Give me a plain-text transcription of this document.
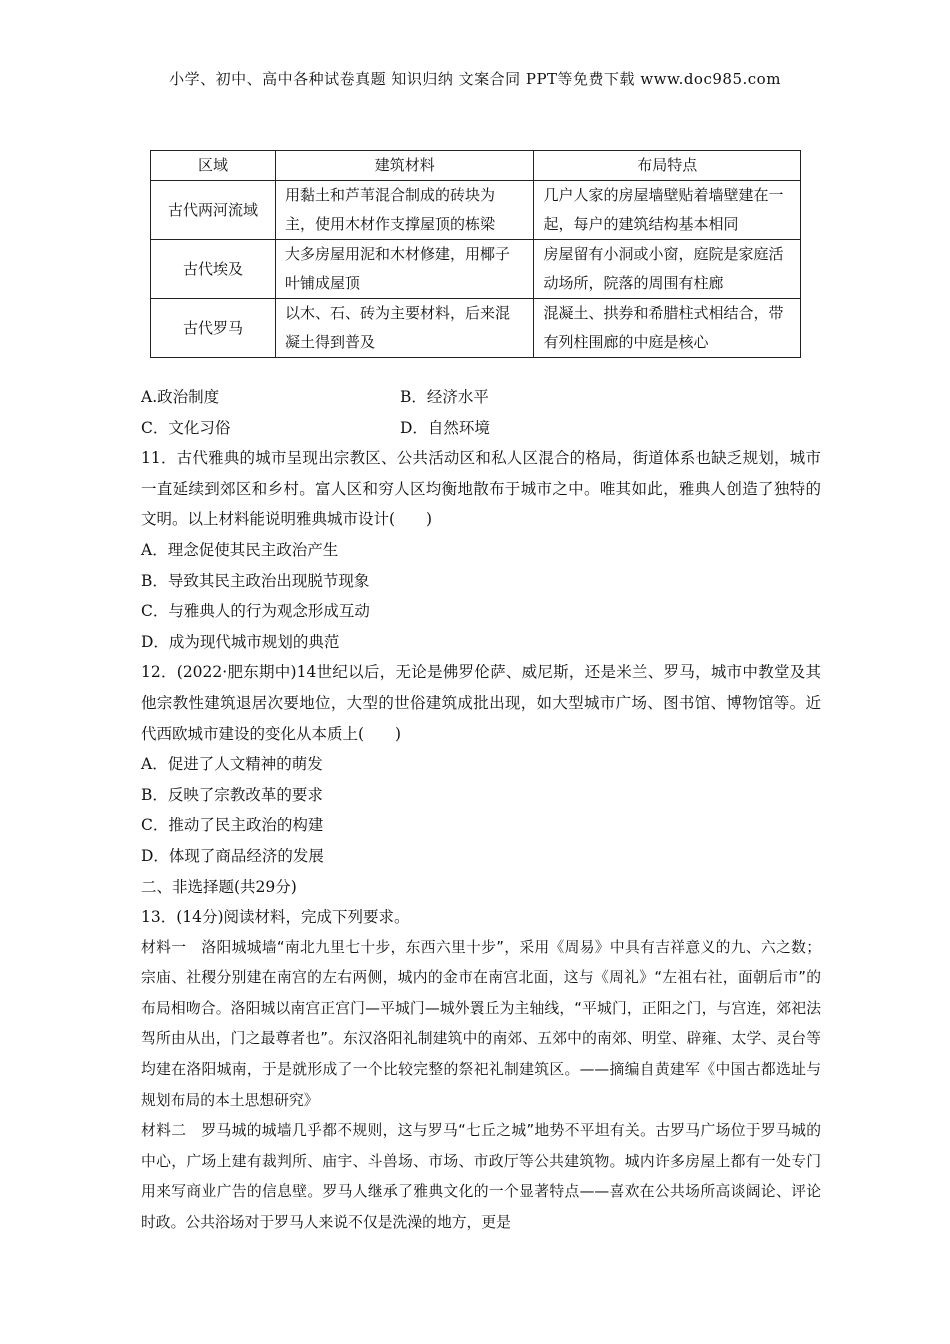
小学、初中、高中各种试卷真题 知识归纳 文案合同 PPT等免费下载 www.doc985.com
区域	建筑材料	布局特点
古代两河流域	用黏土和芦苇混合制成的砖块为主，使用木材作支撑屋顶的栋梁	几户人家的房屋墙壁贴着墙壁建在一起，每户的建筑结构基本相同
古代埃及	大多房屋用泥和木材修建，用椰子叶铺成屋顶	房屋留有小洞或小窗，庭院是家庭活动场所，院落的周围有柱廊
古代罗马	以木、石、砖为主要材料，后来混凝土得到普及	混凝土、拱券和希腊柱式相结合，带有列柱围廊的中庭是核心
A.政治制度	B．经济水平
C．文化习俗	D．自然环境

11．古代雅典的城市呈现出宗教区、公共活动区和私人区混合的格局，街道体系也缺乏规划，城市一直延续到郊区和乡村。富人区和穷人区均衡地散布于城市之中。唯其如此，雅典人创造了独特的文明。以上材料能说明雅典城市设计(　　)

A．理念促使其民主政治产生

B．导致其民主政治出现脱节现象

C．与雅典人的行为观念形成互动

D．成为现代城市规划的典范

12．(2022·肥东期中)14世纪以后，无论是佛罗伦萨、威尼斯，还是米兰、罗马，城市中教堂及其他宗教性建筑退居次要地位，大型的世俗建筑成批出现，如大型城市广场、图书馆、博物馆等。近代西欧城市建设的变化从本质上(　　)

A．促进了人文精神的萌发

B．反映了宗教改革的要求

C．推动了民主政治的构建

D．体现了商品经济的发展

二、非选择题(共29分)

13．(14分)阅读材料，完成下列要求。

材料一　洛阳城城墙“南北九里七十步，东西六里十步”，采用《周易》中具有吉祥意义的九、六之数；宗庙、社稷分别建在南宫的左右两侧，城内的金市在南宫北面，这与《周礼》“左祖右社，面朝后市”的布局相吻合。洛阳城以南宫正宫门—平城门—城外瞏丘为主轴线，“平城门，正阳之门，与宫连，郊祀法驾所由从出，门之最尊者也”。东汉洛阳礼制建筑中的南郊、五郊中的南郊、明堂、辟雍、太学、灵台等均建在洛阳城南，于是就形成了一个比较完整的祭祀礼制建筑区。——摘编自黄建军《中国古都选址与规划布局的本土思想研究》

材料二　罗马城的城墙几乎都不规则，这与罗马“七丘之城”地势不平坦有关。古罗马广场位于罗马城的中心，广场上建有裁判所、庙宇、斗兽场、市场、市政厅等公共建筑物。城内许多房屋上都有一处专门用来写商业广告的信息壁。罗马人继承了雅典文化的一个显著特点——喜欢在公共场所高谈阔论、评论时政。公共浴场对于罗马人来说不仅是洗澡的地方，更是
